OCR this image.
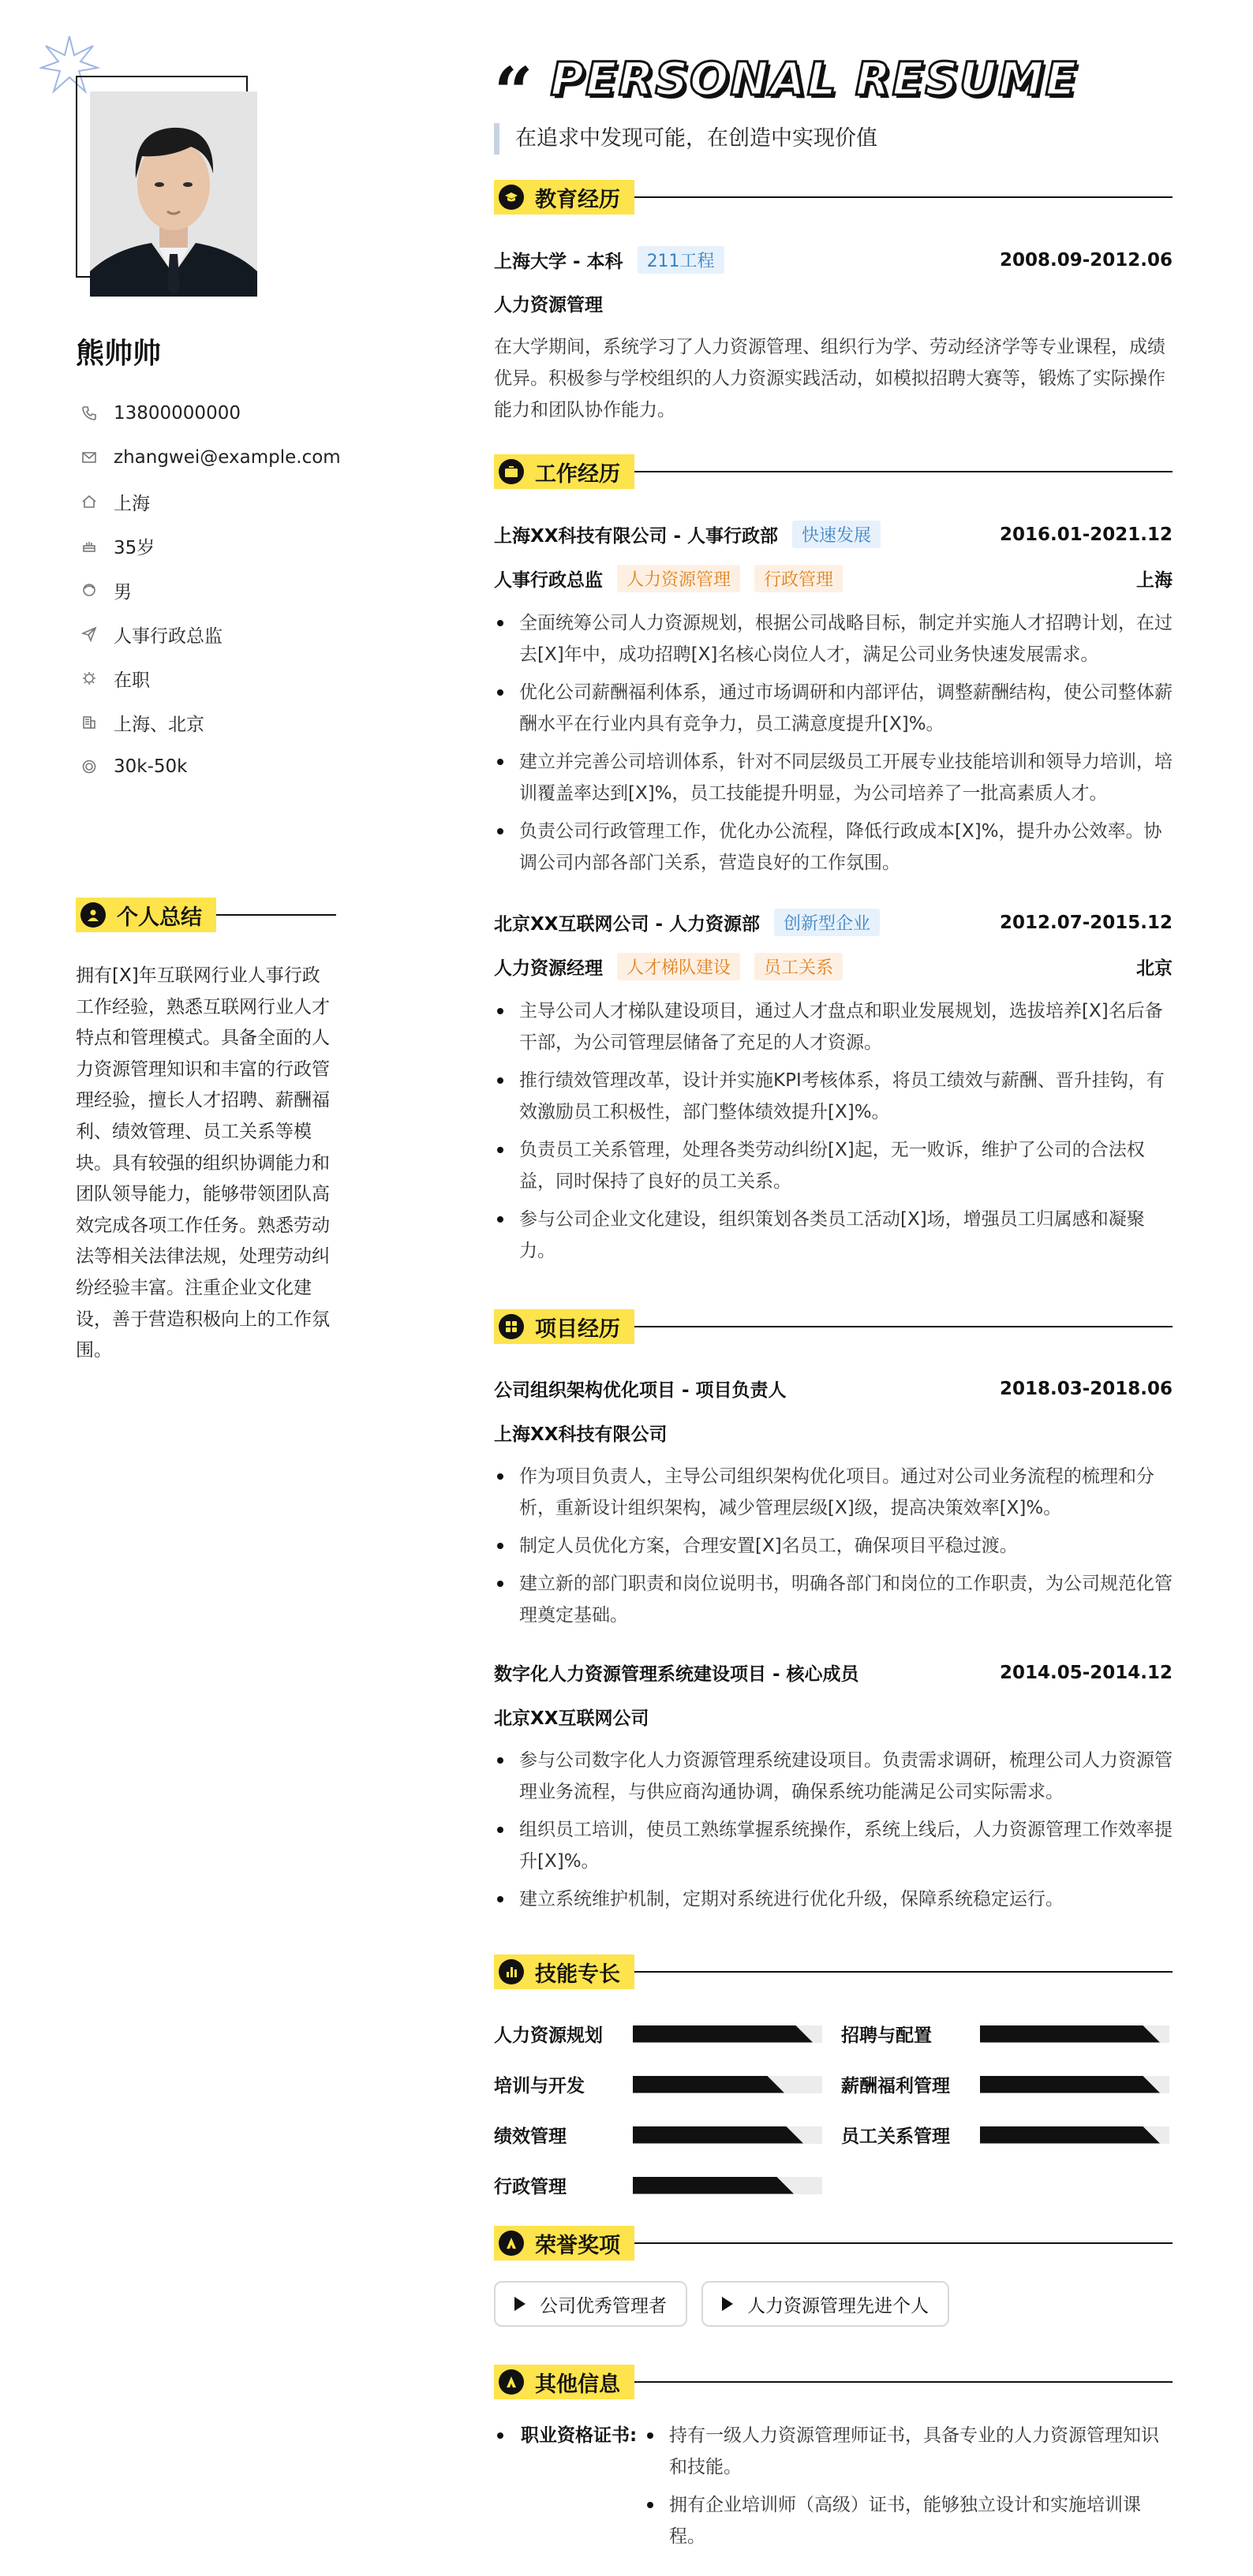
熊帅帅
13800000000
zhangwei@example.com
上海
35岁
男
人事行政总监
在职
上海、北京
30k-50k
个人总结
拥有[X]年互联网行业人事行政工作经验，熟悉互联网行业人才特点和管理模式。具备全面的人力资源管理知识和丰富的行政管理经验，擅长人才招聘、薪酬福利、绩效管理、员工关系等模块。具有较强的组织协调能力和团队领导能力，能够带领团队高效完成各项工作任务。熟悉劳动法等相关法律法规，处理劳动纠纷经验丰富。注重企业文化建设，善于营造积极向上的工作氛围。
“ PERSONAL RESUME
在追求中发现可能，在创造中实现价值
教育经历
上海大学 - 本科	211工程	2008.09-2012.06
人力资源管理
在大学期间，系统学习了人力资源管理、组织行为学、劳动经济学等专业课程，成绩优异。积极参与学校组织的人力资源实践活动，如模拟招聘大赛等，锻炼了实际操作能力和团队协作能力。
工作经历
上海XX科技有限公司 - 人事行政部	快速发展	2016.01-2021.12
人事行政总监	人力资源管理	行政管理	上海
全面统筹公司人力资源规划，根据公司战略目标，制定并实施人才招聘计划，在过去[X]年中，成功招聘[X]名核心岗位人才，满足公司业务快速发展需求。
优化公司薪酬福利体系，通过市场调研和内部评估，调整薪酬结构，使公司整体薪酬水平在行业内具有竞争力，员工满意度提升[X]%。
建立并完善公司培训体系，针对不同层级员工开展专业技能培训和领导力培训，培训覆盖率达到[X]%，员工技能提升明显，为公司培养了一批高素质人才。
负责公司行政管理工作，优化办公流程，降低行政成本[X]%，提升办公效率。协调公司内部各部门关系，营造良好的工作氛围。
北京XX互联网公司 - 人力资源部	创新型企业	2012.07-2015.12
人力资源经理	人才梯队建设	员工关系	北京
主导公司人才梯队建设项目，通过人才盘点和职业发展规划，选拔培养[X]名后备干部，为公司管理层储备了充足的人才资源。
推行绩效管理改革，设计并实施KPI考核体系，将员工绩效与薪酬、晋升挂钩，有效激励员工积极性，部门整体绩效提升[X]%。
负责员工关系管理，处理各类劳动纠纷[X]起，无一败诉，维护了公司的合法权益，同时保持了良好的员工关系。
参与公司企业文化建设，组织策划各类员工活动[X]场，增强员工归属感和凝聚力。
项目经历
公司组织架构优化项目 - 项目负责人	2018.03-2018.06
上海XX科技有限公司
作为项目负责人，主导公司组织架构优化项目。通过对公司业务流程的梳理和分析，重新设计组织架构，减少管理层级[X]级，提高决策效率[X]%。
制定人员优化方案，合理安置[X]名员工，确保项目平稳过渡。
建立新的部门职责和岗位说明书，明确各部门和岗位的工作职责，为公司规范化管理奠定基础。
数字化人力资源管理系统建设项目 - 核心成员	2014.05-2014.12
北京XX互联网公司
参与公司数字化人力资源管理系统建设项目。负责需求调研，梳理公司人力资源管理业务流程，与供应商沟通协调，确保系统功能满足公司实际需求。
组织员工培训，使员工熟练掌握系统操作，系统上线后，人力资源管理工作效率提升[X]%。
建立系统维护机制，定期对系统进行优化升级，保障系统稳定运行。
技能专长
人力资源规划	招聘与配置
培训与开发	薪酬福利管理
绩效管理	员工关系管理
行政管理
荣誉奖项
公司优秀管理者	人力资源管理先进个人
其他信息
职业资格证书:	持有一级人力资源管理师证书，具备专业的人力资源管理知识和技能。
拥有企业培训师（高级）证书，能够独立设计和实施培训课程。
